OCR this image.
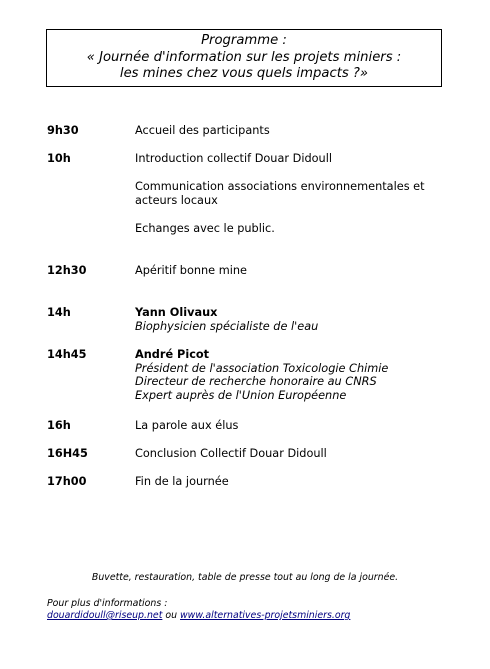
Programme :
« Journée d'information sur les projets miniers :
les mines chez vous quels impacts ?»
9h30	Accueil des participants
10h	Introduction collectif Douar Didoull
Communication associations environnementales et
acteurs locaux
Echanges avec le public.
12h30	Apéritif bonne mine
14h	Yann Olivaux
Biophysicien spécialiste de l'eau
14h45	André Picot
Président de l'association Toxicologie Chimie
Directeur de recherche honoraire au CNRS
Expert auprès de l'Union Européenne
16h	La parole aux élus
16H45	Conclusion Collectif Douar Didoull
17h00	Fin de la journée
Buvette, restauration, table de presse tout au long de la journée.
Pour plus d'informations :
douardidoull@riseup.net ou www.alternatives-projetsminiers.org
